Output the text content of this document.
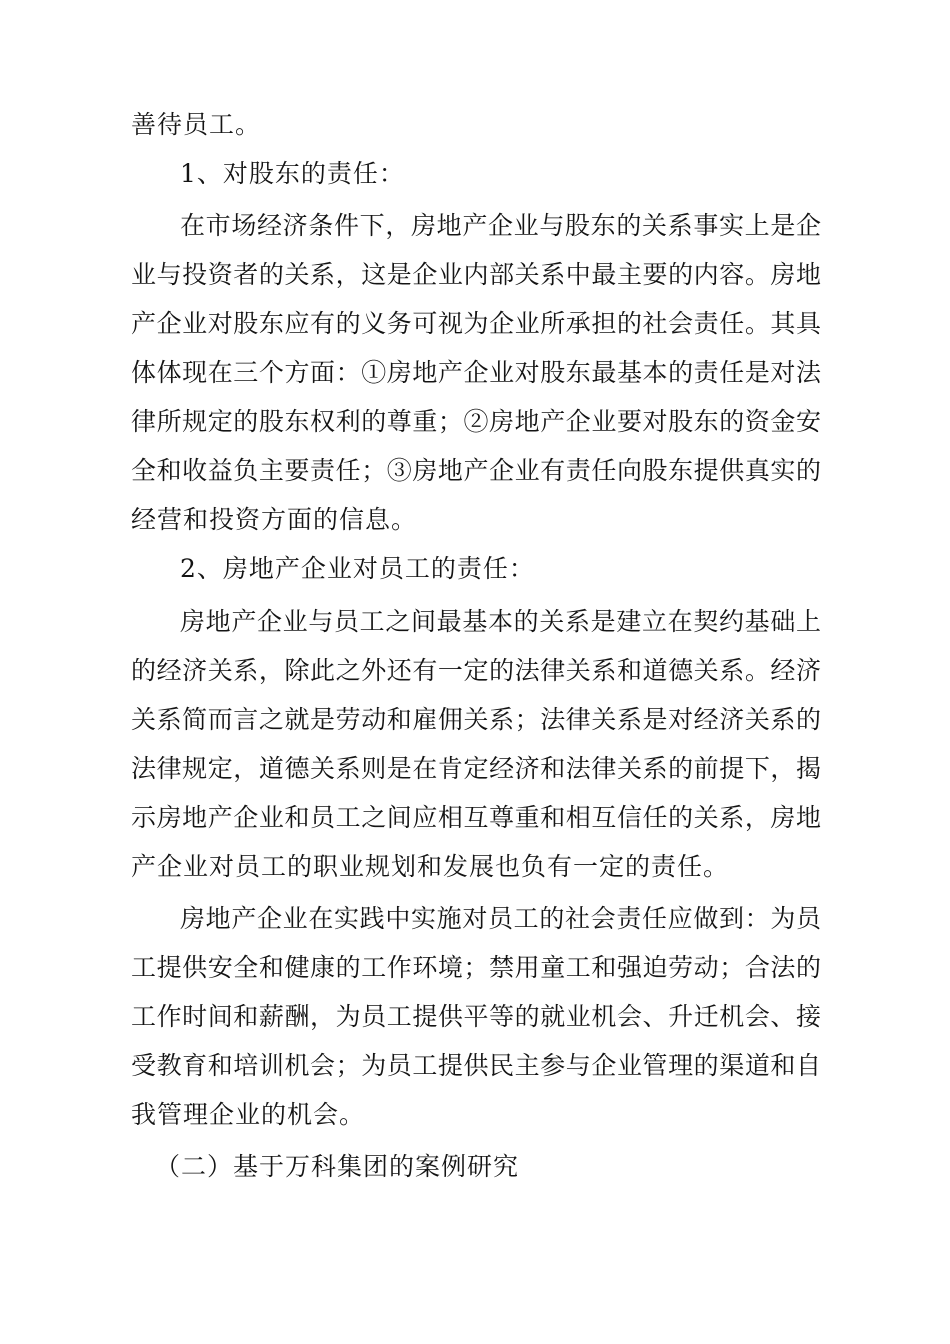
善待员工。
1、对股东的责任：
在市场经济条件下，房地产企业与股东的关系事实上是企
业与投资者的关系，这是企业内部关系中最主要的内容。房地
产企业对股东应有的义务可视为企业所承担的社会责任。其具
体体现在三个方面：①房地产企业对股东最基本的责任是对法
律所规定的股东权利的尊重；②房地产企业要对股东的资金安
全和收益负主要责任；③房地产企业有责任向股东提供真实的
经营和投资方面的信息。
2、房地产企业对员工的责任：
房地产企业与员工之间最基本的关系是建立在契约基础上
的经济关系，除此之外还有一定的法律关系和道德关系。经济
关系简而言之就是劳动和雇佣关系；法律关系是对经济关系的
法律规定，道德关系则是在肯定经济和法律关系的前提下，揭
示房地产企业和员工之间应相互尊重和相互信任的关系，房地
产企业对员工的职业规划和发展也负有一定的责任。
房地产企业在实践中实施对员工的社会责任应做到：为员
工提供安全和健康的工作环境；禁用童工和强迫劳动；合法的
工作时间和薪酬，为员工提供平等的就业机会、升迁机会、接
受教育和培训机会；为员工提供民主参与企业管理的渠道和自
我管理企业的机会。
（二）基于万科集团的案例研究
